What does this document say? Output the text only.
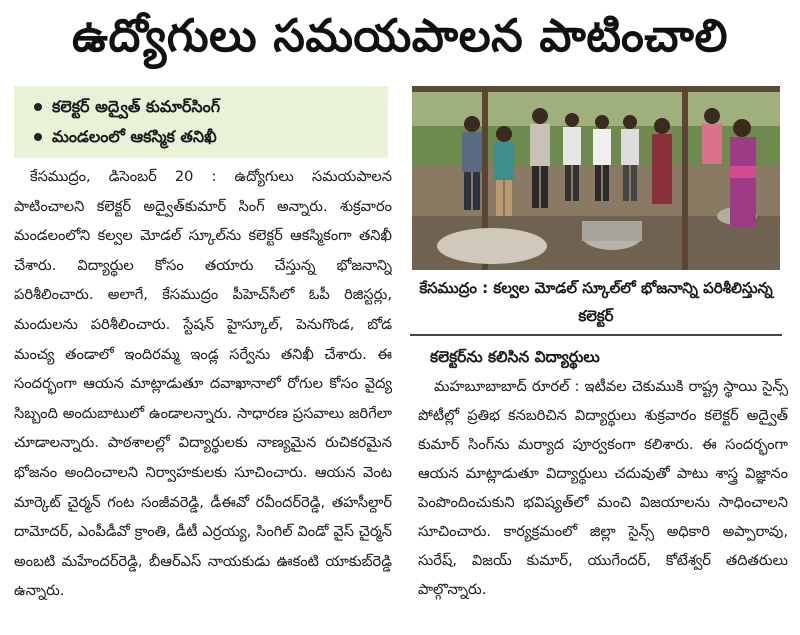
ఉద్యోగులు సమయపాలన పాటించాలి
కలెక్టర్ అద్వైత్ కుమార్‌సింగ్
మండలంలో ఆకస్మిక తనిఖీ

కేసముద్రం, డిసెంబర్ 20 : ఉద్యోగులు సమయపాలన పాటించాలని కలెక్టర్ అద్వైత్‌కుమార్ సింగ్ అన్నారు. శుక్రవారం మండలంలోని కల్వల మోడల్ స్కూల్‌ను కలెక్టర్ ఆకస్మికంగా తనిఖీ చేశారు. విద్యార్థుల కోసం తయారు చేస్తున్న భోజనాన్ని పరిశీలించారు. అలాగే, కేసముద్రం పీహెచ్‌సీలో ఓపీ రిజిస్టర్లు, మందులను పరిశీలించారు. స్టేషన్ హైస్కూల్, పెనుగొండ, బోడ మంచ్య తండాలో ఇందిరమ్మ ఇండ్ల సర్వేను తనిఖీ చేశారు. ఈ సందర్భంగా ఆయన మాట్లాడుతూ దవాఖానాలో రోగుల కోసం వైద్య సిబ్బంది అందుబాటులో ఉండాలన్నారు. సాధారణ ప్రసవాలు జరిగేలా చూడాలన్నారు. పాఠశాలల్లో విద్యార్థులకు నాణ్యమైన రుచికరమైన భోజనం అందించాలని నిర్వాహకులకు సూచించారు. ఆయన వెంట మార్కెట్ చైర్మన్ గంట సంజీవరెడ్డి, డీఈవో రవీందర్‌రెడ్డి, తహసీల్దార్ దామోదర్, ఎంపీడీవో క్రాంతి, డీటీ ఎర్రయ్య, సింగిల్ విండో వైస్ చైర్మన్ అంబటి మహేందర్‌రెడ్డి, బీఆర్ఎస్ నాయకుడు ఊకంటి యాకుబ్‌రెడ్డి ఉన్నారు.

కేసముద్రం : కల్వల మోడల్ స్కూల్‌లో భోజనాన్ని పరిశీలిస్తున్న కలెక్టర్
కలెక్టర్‌ను కలిసిన విద్యార్థులు

మహబూబాబాద్ రూరల్ : ఇటీవల చెకుముకి రాష్ట్ర స్థాయి సైన్స్ పోటీల్లో ప్రతిభ కనబరిచిన విద్యార్థులు శుక్రవారం కలెక్టర్ అద్వైత్ కుమార్ సింగ్‌ను మర్యాద పూర్వకంగా కలిశారు. ఈ సందర్భంగా ఆయన మాట్లాడుతూ విద్యార్థులు చదువుతో పాటు శాస్త్ర విజ్ఞానం పెంపొందించుకుని భవిష్యత్‌లో మంచి విజయాలను సాధించాలని సూచించారు. కార్యక్రమంలో జిల్లా సైన్స్ అధికారి అప్పారావు, సురేష్, విజయ్ కుమార్, యుగేందర్, కోటేశ్వర్ తదితరులు పాల్గొన్నారు.
